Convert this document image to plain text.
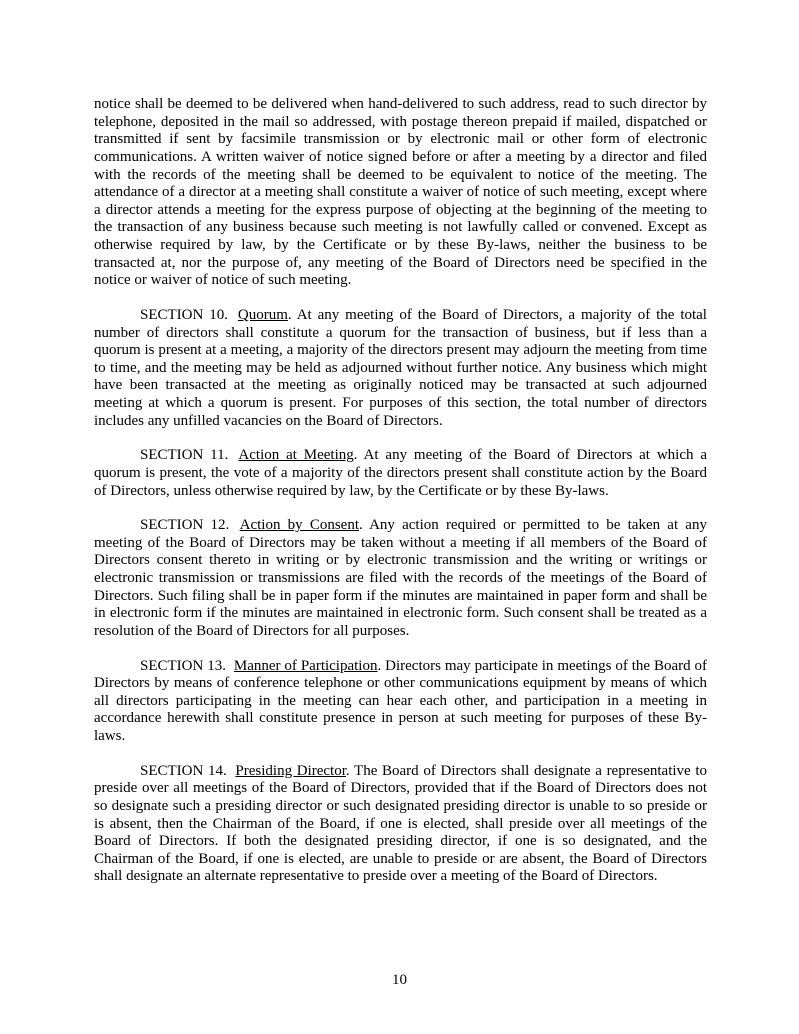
notice shall be deemed to be delivered when hand-delivered to such address, read to such director by telephone, deposited in the mail so addressed, with postage thereon prepaid if mailed, dispatched or transmitted if sent by facsimile transmission or by electronic mail or other form of electronic communications. A written waiver of notice signed before or after a meeting by a director and filed with the records of the meeting shall be deemed to be equivalent to notice of the meeting. The attendance of a director at a meeting shall constitute a waiver of notice of such meeting, except where a director attends a meeting for the express purpose of objecting at the beginning of the meeting to the transaction of any business because such meeting is not lawfully called or convened. Except as otherwise required by law, by the Certificate or by these By-laws, neither the business to be transacted at, nor the purpose of, any meeting of the Board of Directors need be specified in the notice or waiver of notice of such meeting.

SECTION 10. Quorum. At any meeting of the Board of Directors, a majority of the total number of directors shall constitute a quorum for the transaction of business, but if less than a quorum is present at a meeting, a majority of the directors present may adjourn the meeting from time to time, and the meeting may be held as adjourned without further notice. Any business which might have been transacted at the meeting as originally noticed may be transacted at such adjourned meeting at which a quorum is present. For purposes of this section, the total number of directors includes any unfilled vacancies on the Board of Directors.

SECTION 11. Action at Meeting. At any meeting of the Board of Directors at which a quorum is present, the vote of a majority of the directors present shall constitute action by the Board of Directors, unless otherwise required by law, by the Certificate or by these By-laws.

SECTION 12. Action by Consent. Any action required or permitted to be taken at any meeting of the Board of Directors may be taken without a meeting if all members of the Board of Directors consent thereto in writing or by electronic transmission and the writing or writings or electronic transmission or transmissions are filed with the records of the meetings of the Board of Directors. Such filing shall be in paper form if the minutes are maintained in paper form and shall be in electronic form if the minutes are maintained in electronic form. Such consent shall be treated as a resolution of the Board of Directors for all purposes.

SECTION 13. Manner of Participation. Directors may participate in meetings of the Board of Directors by means of conference telephone or other communications equipment by means of which all directors participating in the meeting can hear each other, and participation in a meeting in accordance herewith shall constitute presence in person at such meeting for purposes of these By-laws.

SECTION 14. Presiding Director. The Board of Directors shall designate a representative to preside over all meetings of the Board of Directors, provided that if the Board of Directors does not so designate such a presiding director or such designated presiding director is unable to so preside or is absent, then the Chairman of the Board, if one is elected, shall preside over all meetings of the Board of Directors. If both the designated presiding director, if one is so designated, and the Chairman of the Board, if one is elected, are unable to preside or are absent, the Board of Directors shall designate an alternate representative to preside over a meeting of the Board of Directors.

10
